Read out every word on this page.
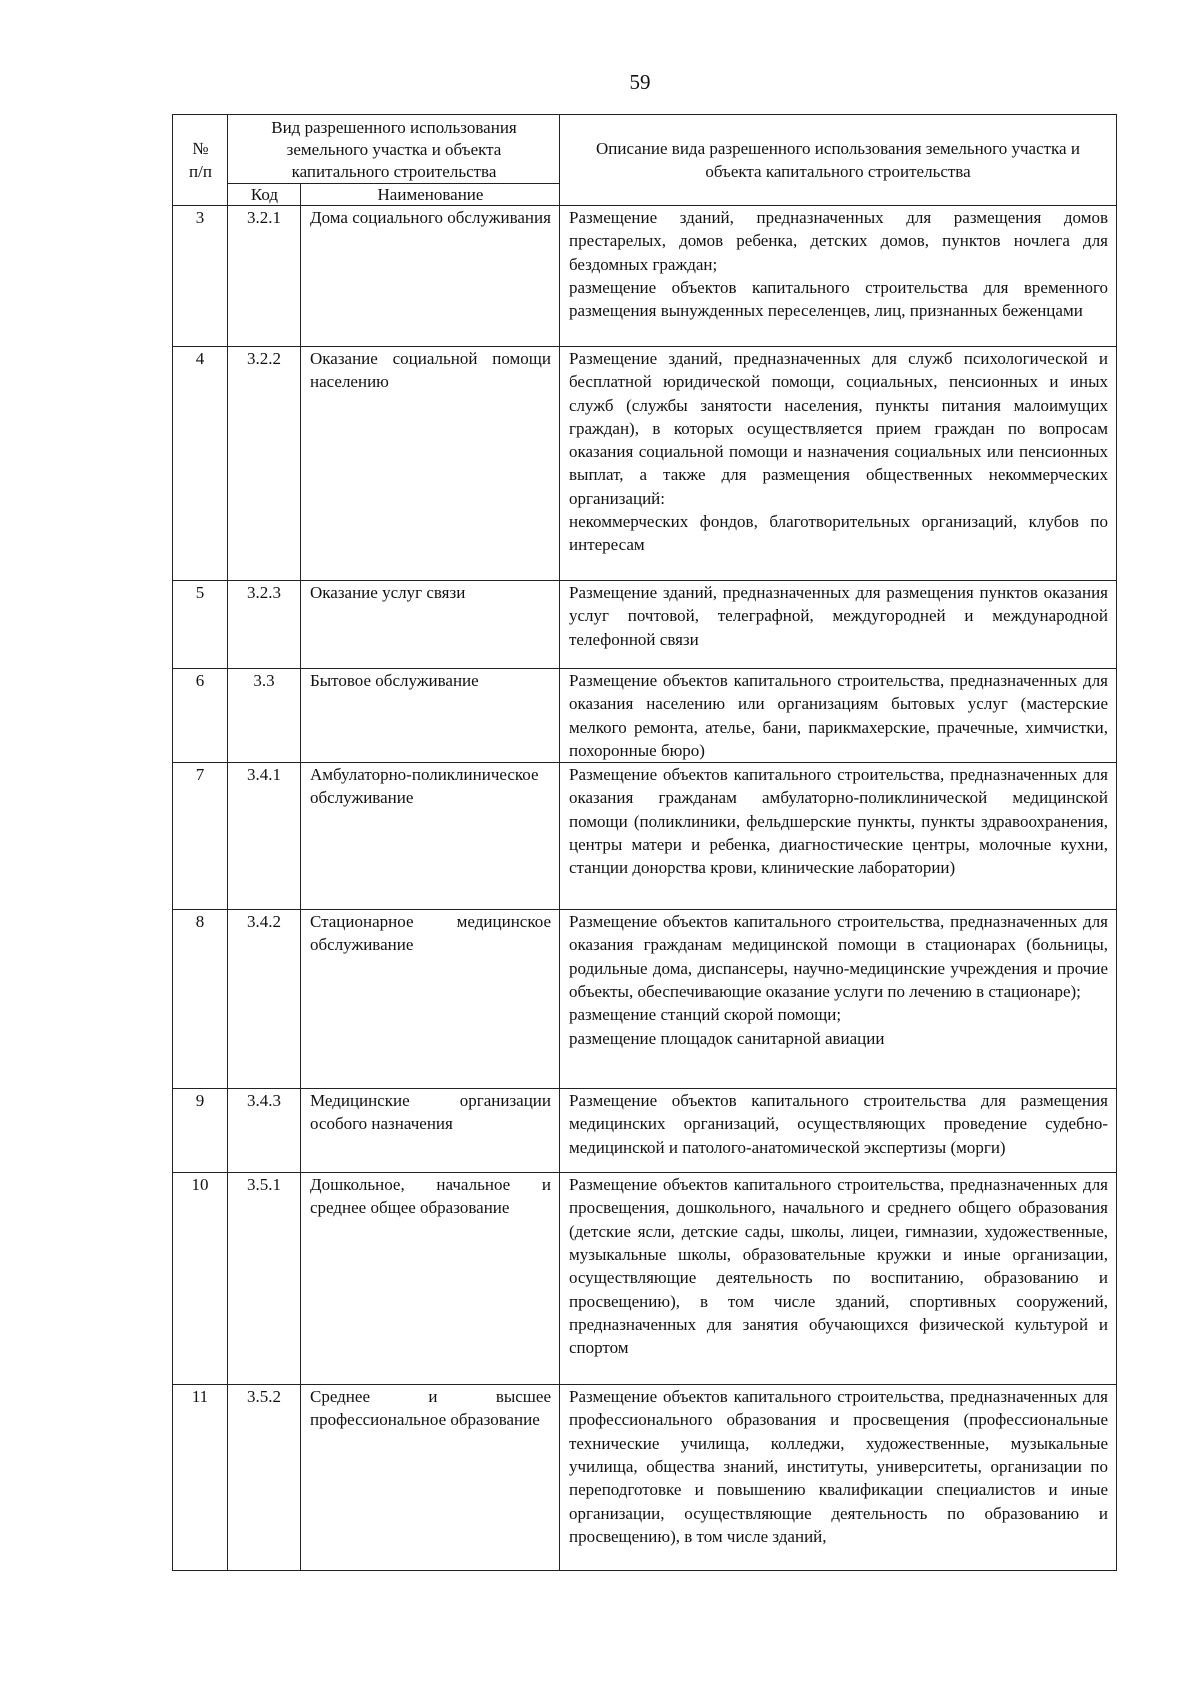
59
№
п/п	Вид разрешенного использования земельного участка и объекта капитального строительства		Описание вида разрешенного использования земельного участка и объекта капитального строительства
	Код	Наименование	
3	3.2.1	Дома социального обслуживания	Размещение зданий, предназначенных для размещения домов престарелых, домов ребенка, детских домов, пунктов ночлега для бездомных граждан;
размещение объектов капитального строительства для временного размещения вынужденных переселенцев, лиц, признанных беженцами

4	3.2.2	Оказание социальной помощи населению	Размещение зданий, предназначенных для служб психологической и бесплатной юридической помощи, социальных, пенсионных и иных служб (службы занятости населения, пункты питания малоимущих граждан), в которых осуществляется прием граждан по вопросам оказания социальной помощи и назначения социальных или пенсионных выплат, а также для размещения общественных некоммерческих организаций:
некоммерческих фондов, благотворительных организаций, клубов по интересам

5	3.2.3	Оказание услуг связи	Размещение зданий, предназначенных для размещения пунктов оказания услуг почтовой, телеграфной, междугородней и международной телефонной связи

6	3.3	Бытовое обслуживание	Размещение объектов капитального строительства, предназначенных для оказания населению или организациям бытовых услуг (мастерские мелкого ремонта, ателье, бани, парикмахерские, прачечные, химчистки, похоронные бюро)

7	3.4.1	Амбулаторно-поликлиническое обслуживание	Размещение объектов капитального строительства, предназначенных для оказания гражданам амбулаторно-поликлинической медицинской помощи (поликлиники, фельдшерские пункты, пункты здравоохранения, центры матери и ребенка, диагностические центры, молочные кухни, станции донорства крови, клинические лаборатории)

8	3.4.2	Стационарное медицинское обслуживание	Размещение объектов капитального строительства, предназначенных для оказания гражданам медицинской помощи в стационарах (больницы, родильные дома, диспансеры, научно-медицинские учреждения и прочие объекты, обеспечивающие оказание услуги по лечению в стационаре);
размещение станций скорой помощи;
размещение площадок санитарной авиации

9	3.4.3	Медицинские организации особого назначения	Размещение объектов капитального строительства для размещения медицинских организаций, осуществляющих проведение судебно-медицинской и патолого-анатомической экспертизы (морги)

10	3.5.1	Дошкольное, начальное и среднее общее образование	Размещение объектов капитального строительства, предназначенных для просвещения, дошкольного, начального и среднего общего образования (детские ясли, детские сады, школы, лицеи, гимназии, художественные, музыкальные школы, образовательные кружки и иные организации, осуществляющие деятельность по воспитанию, образованию и просвещению), в том числе зданий, спортивных сооружений, предназначенных для занятия обучающихся физической культурой и спортом

11	3.5.2	Среднее и высшее профессиональное образование	Размещение объектов капитального строительства, предназначенных для профессионального образования и просвещения (профессиональные технические училища, колледжи, художественные, музыкальные училища, общества знаний, институты, университеты, организации по переподготовке и повышению квалификации специалистов и иные организации, осуществляющие деятельность по образованию и просвещению), в том числе зданий,
